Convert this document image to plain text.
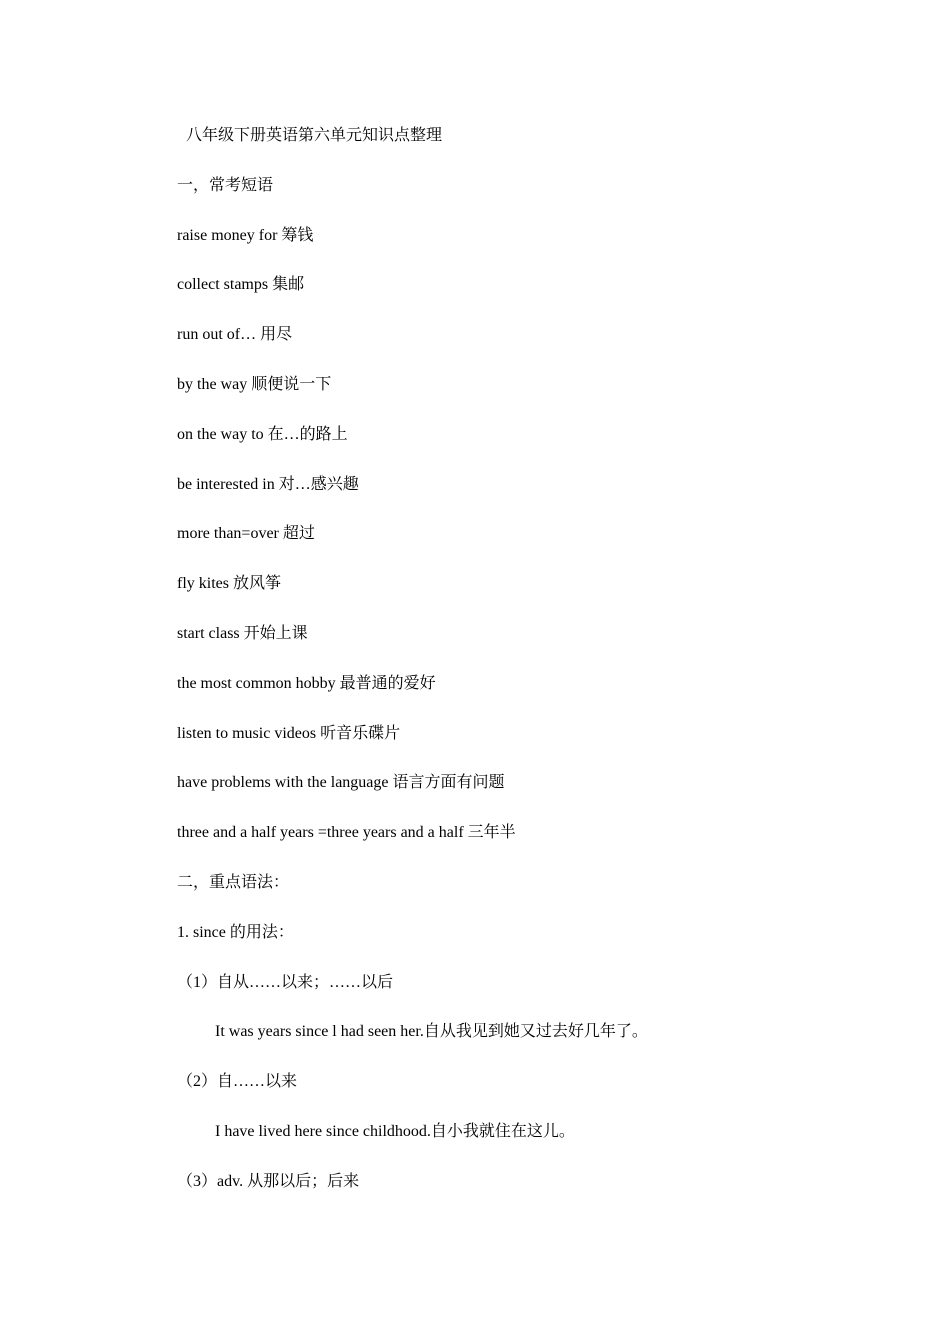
八年级下册英语第六单元知识点整理
一，常考短语
raise money for 筹钱
collect stamps 集邮
run out of… 用尽
by the way 顺便说一下
on the way to 在…的路上
be interested in 对…感兴趣
more than=over 超过
fly kites 放风筝
start class 开始上课
the most common hobby 最普通的爱好
listen to music videos 听音乐碟片
have problems with the language 语言方面有问题
three and a half years =three years and a half 三年半
二，重点语法：
1. since 的用法：
（1）自从……以来；……以后
It was years since l had seen her.自从我见到她又过去好几年了。
（2）自……以来
I have lived here since childhood.自小我就住在这儿。
（3）adv. 从那以后；后来
